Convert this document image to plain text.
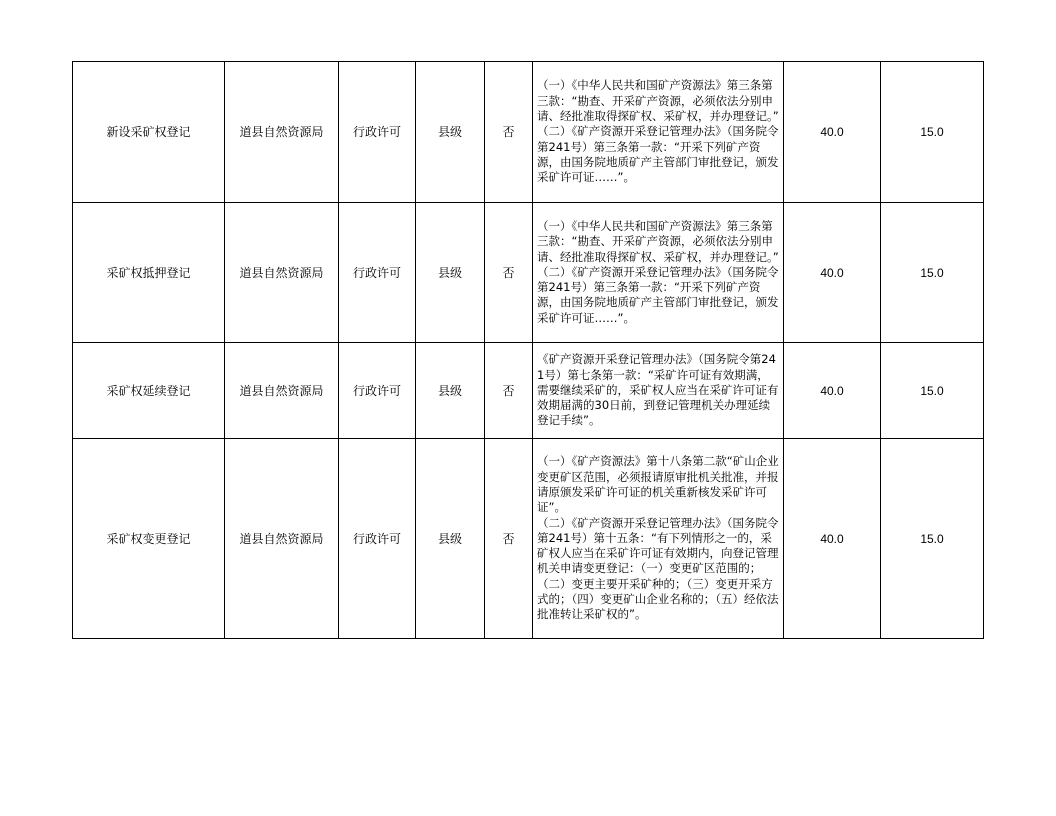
新设采矿权登记	道县自然资源局	行政许可	县级	否	（一）《中华人民共和国矿产资源法》第三条第三款：“勘查、开采矿产资源，必须依法分别申请、经批准取得探矿权、采矿权，并办理登记。”
（二）《矿产资源开采登记管理办法》（国务院令第241号）第三条第一款：“开采下列矿产资源，由国务院地质矿产主管部门审批登记，颁发采矿许可证……”。	40.0	15.0
采矿权抵押登记	道县自然资源局	行政许可	县级	否	（一）《中华人民共和国矿产资源法》第三条第三款：“勘查、开采矿产资源，必须依法分别申请、经批准取得探矿权、采矿权，并办理登记。”
（二）《矿产资源开采登记管理办法》（国务院令第241号）第三条第一款：“开采下列矿产资源，由国务院地质矿产主管部门审批登记，颁发采矿许可证……”。	40.0	15.0
采矿权延续登记	道县自然资源局	行政许可	县级	否	《矿产资源开采登记管理办法》（国务院令第241号）第七条第一款：“采矿许可证有效期满，需要继续采矿的，采矿权人应当在采矿许可证有效期届满的30日前，到登记管理机关办理延续登记手续”。	40.0	15.0
采矿权变更登记	道县自然资源局	行政许可	县级	否	（一）《矿产资源法》第十八条第二款“矿山企业变更矿区范围，必须报请原审批机关批准，并报请原颁发采矿许可证的机关重新核发采矿许可证”。
（二）《矿产资源开采登记管理办法》（国务院令第241号）第十五条：“有下列情形之一的，采矿权人应当在采矿许可证有效期内，向登记管理机关申请变更登记：（一）变更矿区范围的；（二）变更主要开采矿种的；（三）变更开采方式的；（四）变更矿山企业名称的；（五）经依法批准转让采矿权的”。	40.0	15.0
